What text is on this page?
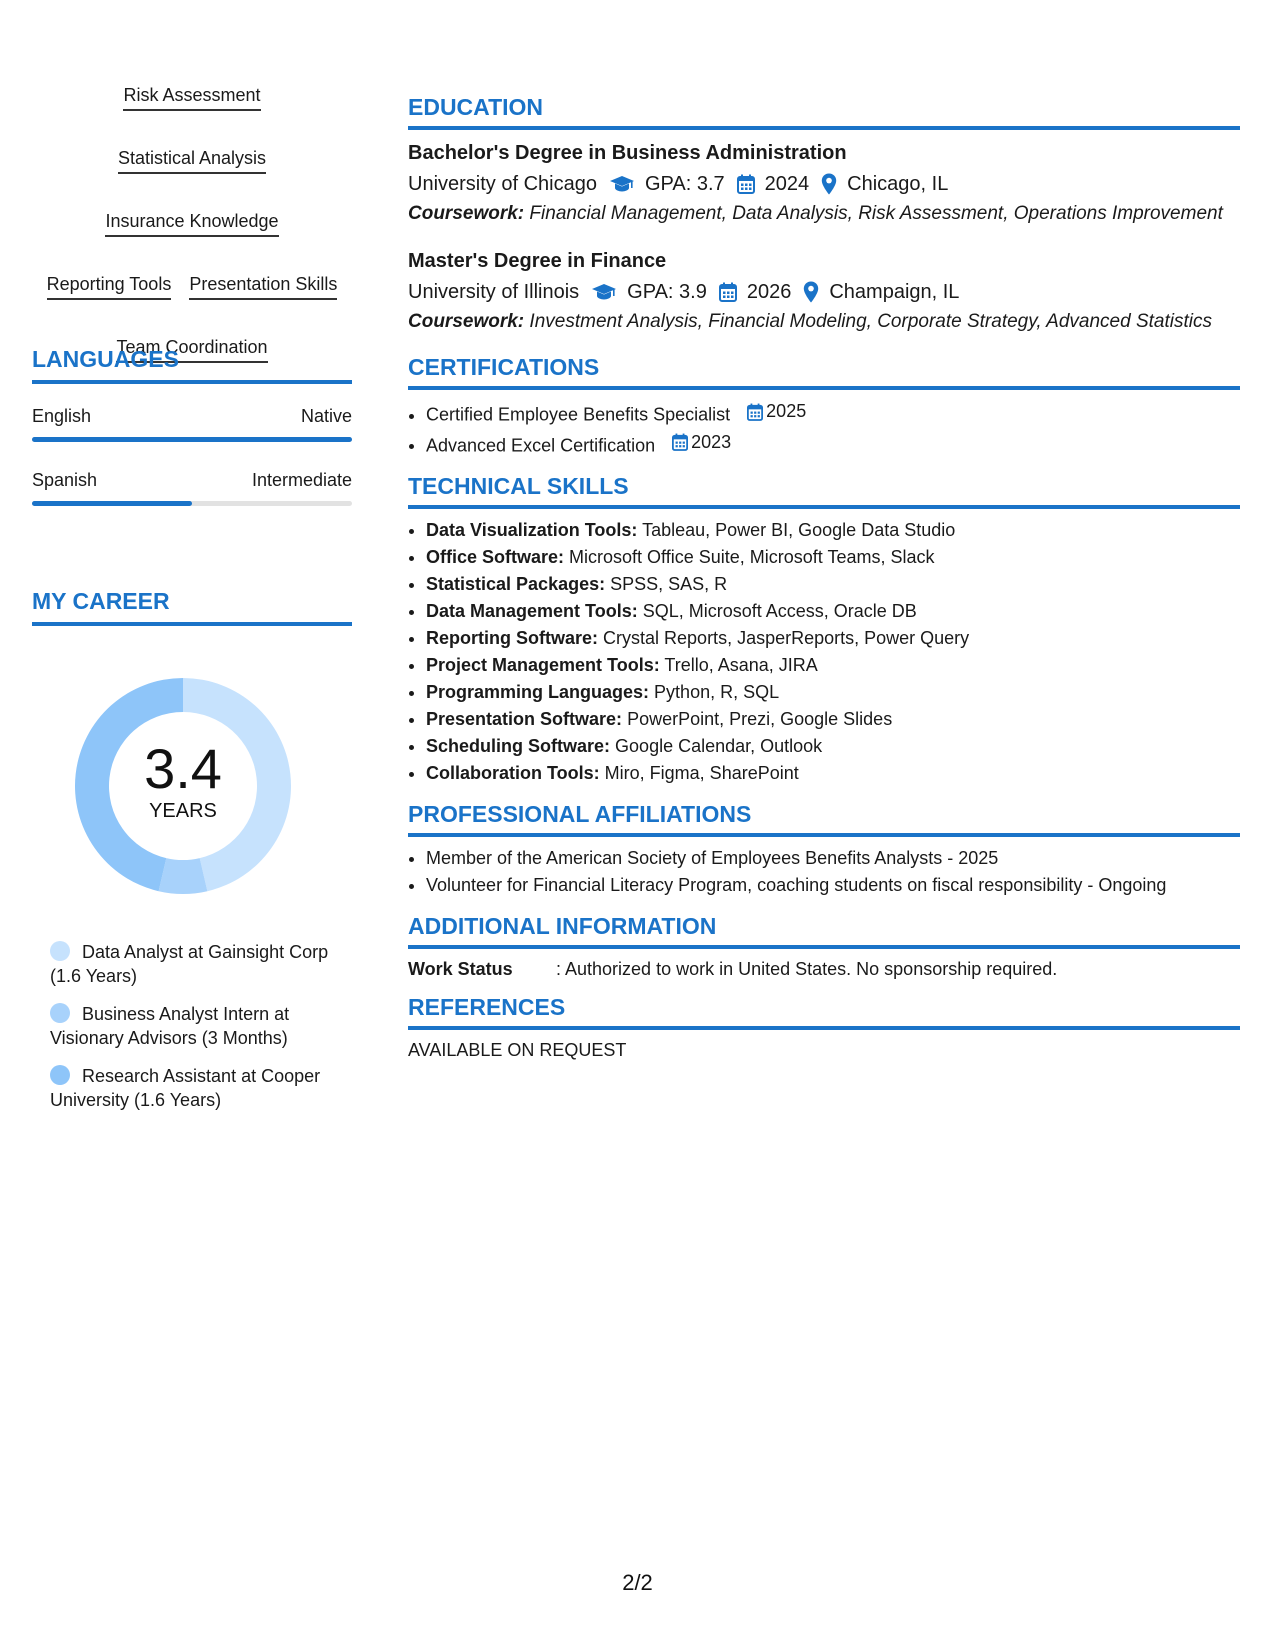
Risk Assessment
Statistical Analysis
Insurance Knowledge
Reporting Tools Presentation Skills
Team Coordination
LANGUAGES
English	Native
Spanish	Intermediate
MY CAREER
3.4
YEARS
Data Analyst at Gainsight Corp (1.6 Years)
Business Analyst Intern at Visionary Advisors (3 Months)
Research Assistant at Cooper University (1.6 Years)
EDUCATION
Bachelor's Degree in Business Administration
University of Chicago GPA: 3.7 2024 Chicago, IL
Coursework: Financial Management, Data Analysis, Risk Assessment, Operations Improvement
Master's Degree in Finance
University of Illinois GPA: 3.9 2026 Champaign, IL
Coursework: Investment Analysis, Financial Modeling, Corporate Strategy, Advanced Statistics
CERTIFICATIONS
• Certified Employee Benefits Specialist 2025
• Advanced Excel Certification 2023
TECHNICAL SKILLS
• Data Visualization Tools: Tableau, Power BI, Google Data Studio
• Office Software: Microsoft Office Suite, Microsoft Teams, Slack
• Statistical Packages: SPSS, SAS, R
• Data Management Tools: SQL, Microsoft Access, Oracle DB
• Reporting Software: Crystal Reports, JasperReports, Power Query
• Project Management Tools: Trello, Asana, JIRA
• Programming Languages: Python, R, SQL
• Presentation Software: PowerPoint, Prezi, Google Slides
• Scheduling Software: Google Calendar, Outlook
• Collaboration Tools: Miro, Figma, SharePoint
PROFESSIONAL AFFILIATIONS
• Member of the American Society of Employees Benefits Analysts - 2025
• Volunteer for Financial Literacy Program, coaching students on fiscal responsibility - Ongoing
ADDITIONAL INFORMATION
Work Status	: Authorized to work in United States. No sponsorship required.
REFERENCES
AVAILABLE ON REQUEST
2/2
